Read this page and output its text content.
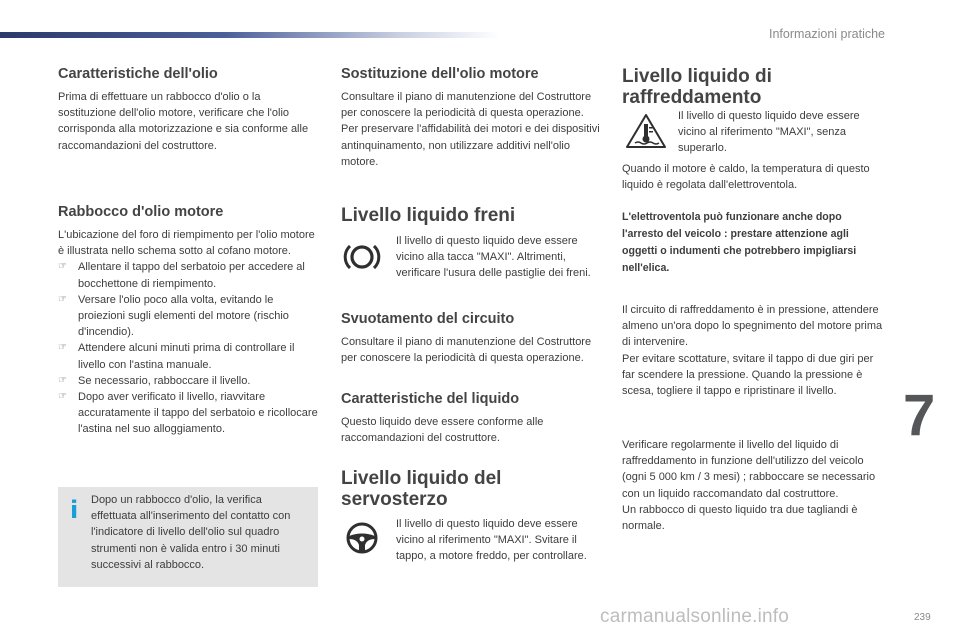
Informazioni pratiche
Caratteristiche dell'olio
Prima di effettuare un rabbocco d'olio o la sostituzione dell'olio motore, verificare che l'olio corrisponda alla motorizzazione e sia conforme alle raccomandazioni del costruttore.
Rabbocco d'olio motore
L'ubicazione del foro di riempimento per l'olio motore è illustrata nello schema sotto al cofano motore.
☞ Allentare il tappo del serbatoio per accedere al bocchettone di riempimento.
☞ Versare l'olio poco alla volta, evitando le proiezioni sugli elementi del motore (rischio d'incendio).
☞ Attendere alcuni minuti prima di controllare il livello con l'astina manuale.
☞ Se necessario, rabboccare il livello.
☞ Dopo aver verificato il livello, riavvitare accuratamente il tappo del serbatoio e ricollocare l'astina nel suo alloggiamento.
i	Dopo un rabbocco d'olio, la verifica effettuata all'inserimento del contatto con l'indicatore di livello dell'olio sul quadro strumenti non è valida entro i 30 minuti successivi al rabbocco.
Sostituzione dell'olio motore
Consultare il piano di manutenzione del Costruttore per conoscere la periodicità di questa operazione.
Per preservare l'affidabilità dei motori e dei dispositivi antinquinamento, non utilizzare additivi nell'olio motore.
Livello liquido freni
Il livello di questo liquido deve essere vicino alla tacca "MAXI". Altrimenti, verificare l'usura delle pastiglie dei freni.
Svuotamento del circuito
Consultare il piano di manutenzione del Costruttore per conoscere la periodicità di questa operazione.
Caratteristiche del liquido
Questo liquido deve essere conforme alle raccomandazioni del costruttore.
Livello liquido del
servosterzo
Il livello di questo liquido deve essere vicino al riferimento "MAXI". Svitare il tappo, a motore freddo, per controllare.
Livello liquido di
raffreddamento
Il livello di questo liquido deve essere vicino al riferimento "MAXI", senza superarlo.
Quando il motore è caldo, la temperatura di questo liquido è regolata dall'elettroventola.
L'elettroventola può funzionare anche dopo l'arresto del veicolo : prestare attenzione agli oggetti o indumenti che potrebbero impigliarsi nell'elica.
Il circuito di raffreddamento è in pressione, attendere almeno un'ora dopo lo spegnimento del motore prima di intervenire.
Per evitare scottature, svitare il tappo di due giri per far scendere la pressione. Quando la pressione è scesa, togliere il tappo e ripristinare il livello.
Verificare regolarmente il livello del liquido di raffreddamento in funzione dell'utilizzo del veicolo (ogni 5 000 km / 3 mesi) ; rabboccare se necessario con un liquido raccomandato dal costruttore.
Un rabbocco di questo liquido tra due tagliandi è normale.
7
carmanualsonline.info	239
